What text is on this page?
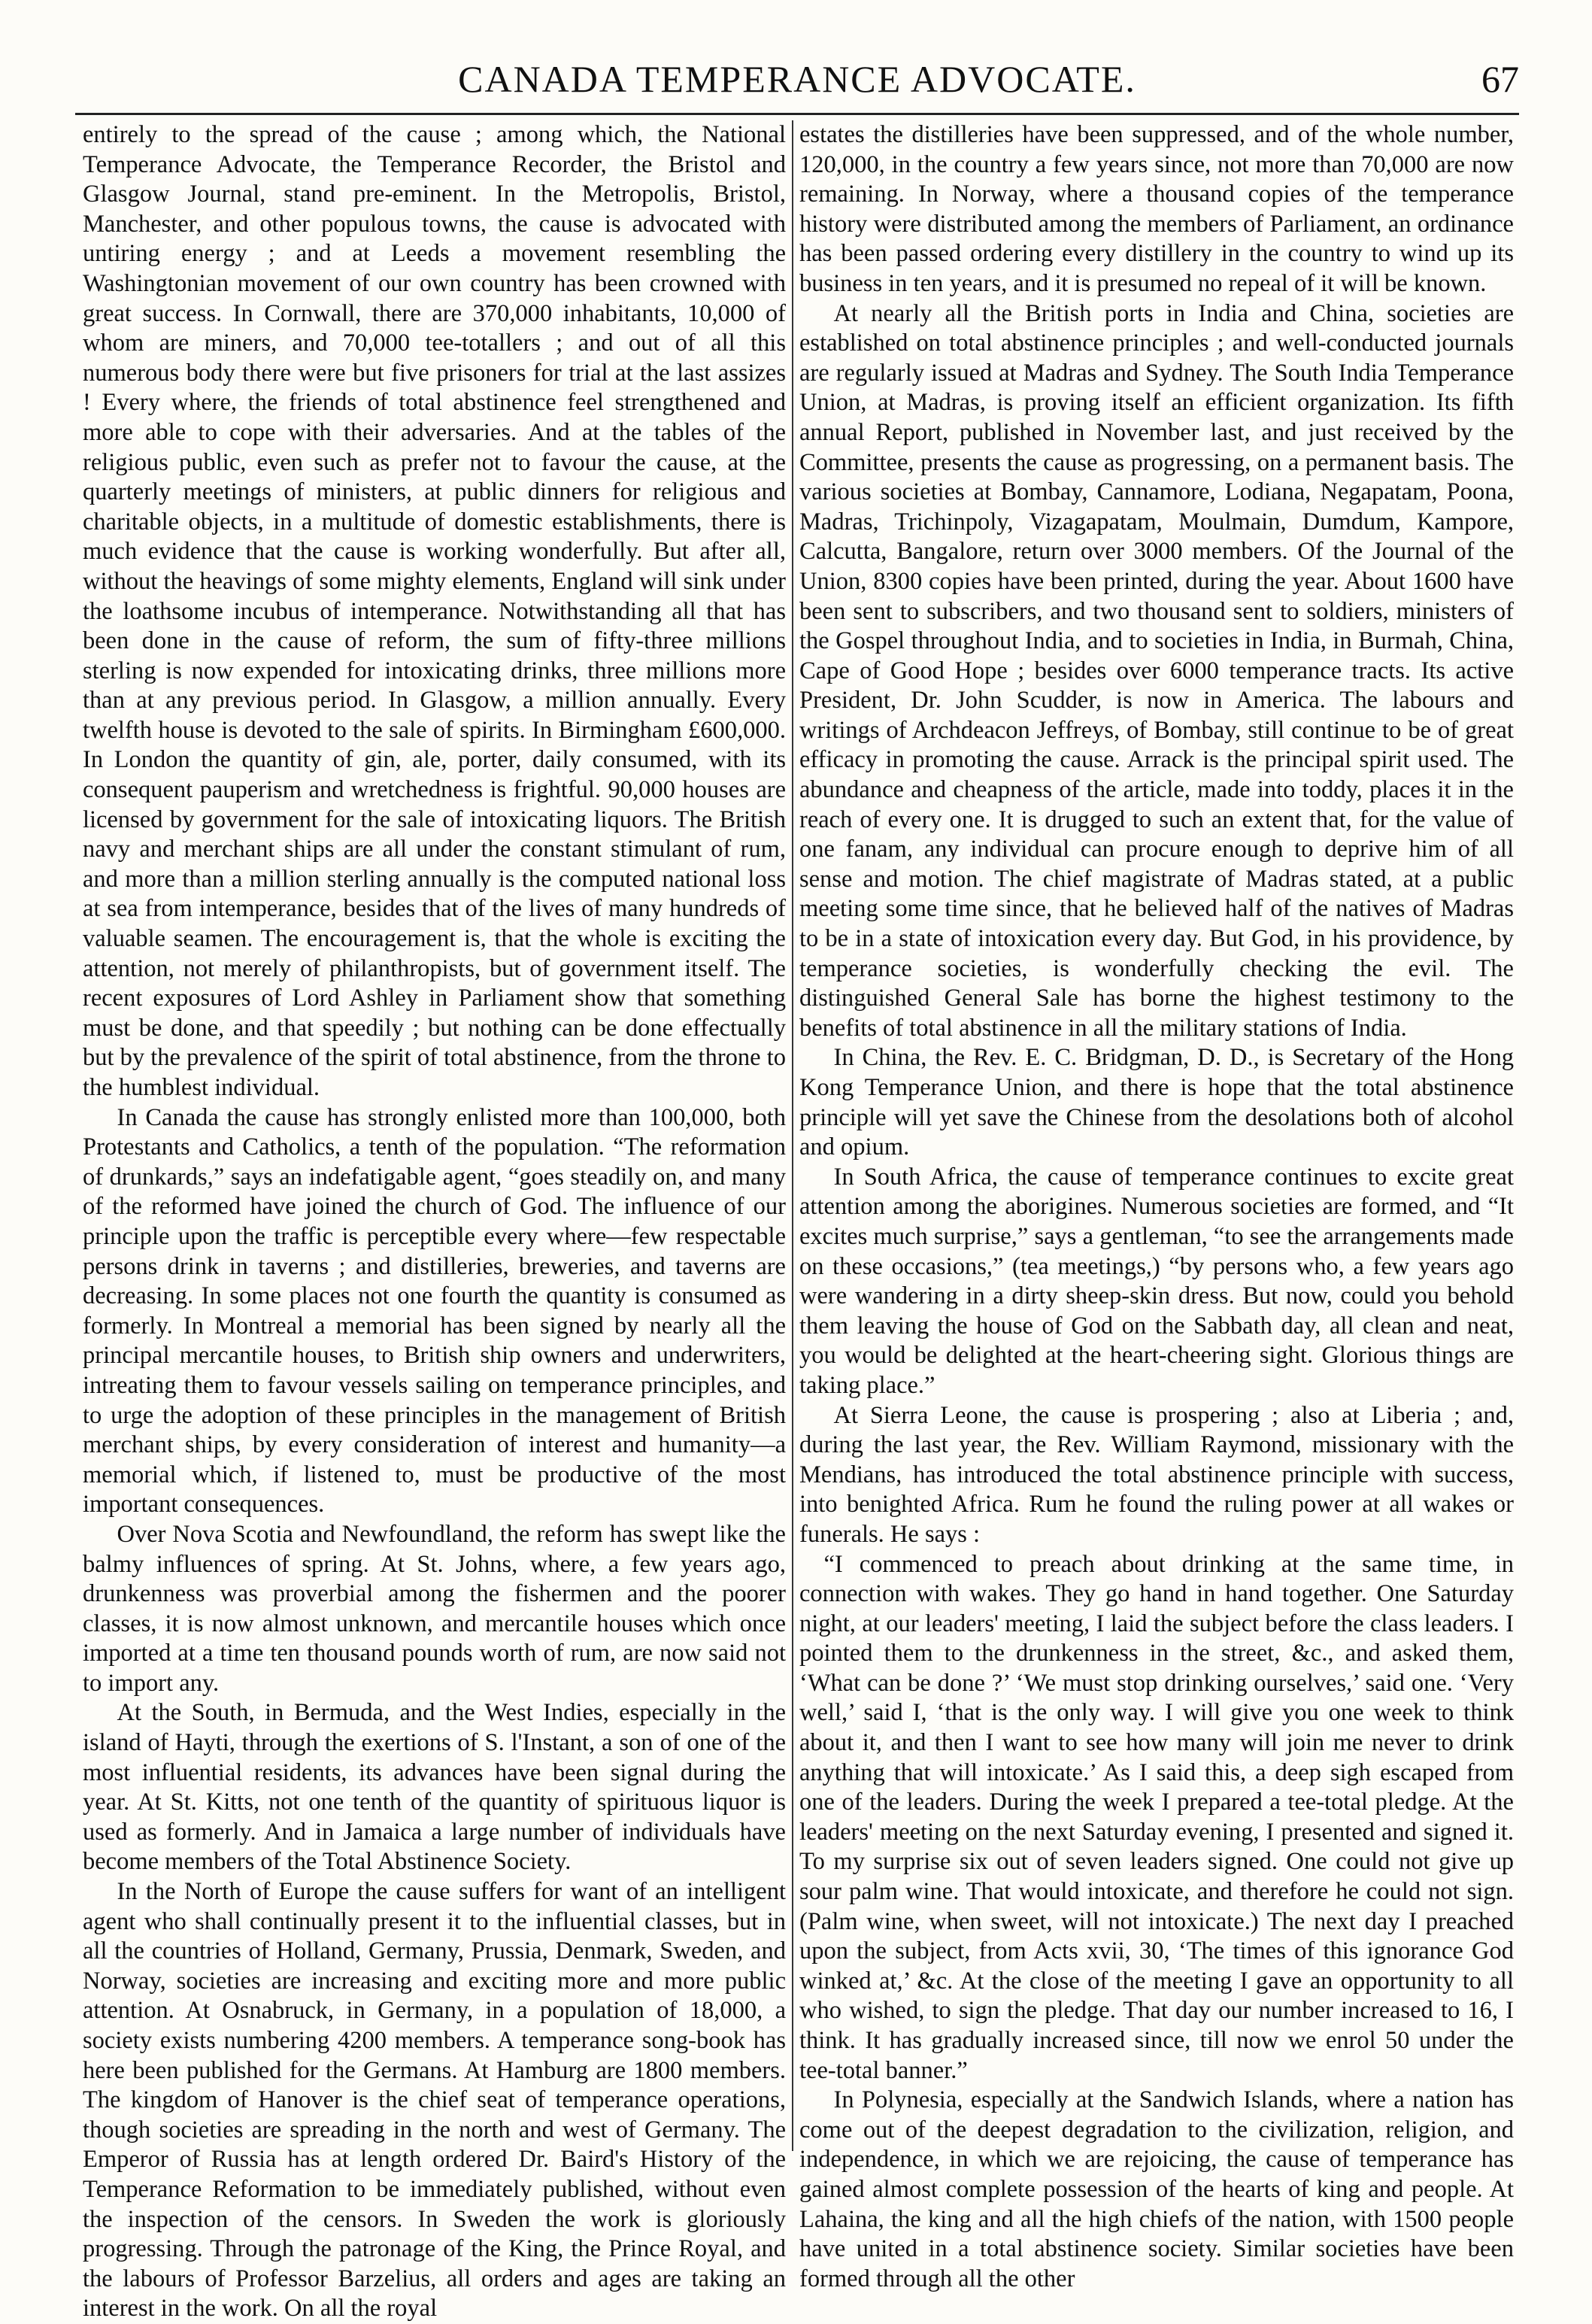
CANADA TEMPERANCE ADVOCATE.	67

entirely to the spread of the cause ; among which, the National Temperance Advocate, the Temperance Recorder, the Bristol and Glasgow Journal, stand pre-eminent. In the Metropolis, Bristol, Manchester, and other populous towns, the cause is advocated with untiring energy ; and at Leeds a movement resembling the Washingtonian movement of our own country has been crowned with great success. In Cornwall, there are 370,000 inhabitants, 10,000 of whom are miners, and 70,000 tee-totallers ; and out of all this numerous body there were but five prisoners for trial at the last assizes ! Every where, the friends of total abstinence feel strengthened and more able to cope with their adversaries. And at the tables of the religious public, even such as prefer not to favour the cause, at the quarterly meetings of ministers, at public dinners for religious and charitable objects, in a multitude of domestic establishments, there is much evidence that the cause is working wonderfully. But after all, without the heavings of some mighty elements, England will sink under the loathsome incubus of intemperance. Notwithstanding all that has been done in the cause of reform, the sum of fifty-three millions sterling is now expended for intoxicating drinks, three millions more than at any previous period. In Glasgow, a million annually. Every twelfth house is devoted to the sale of spirits. In Birmingham £600,000. In London the quantity of gin, ale, porter, daily consumed, with its consequent pauperism and wretchedness is frightful. 90,000 houses are licensed by government for the sale of intoxicating liquors. The British navy and merchant ships are all under the constant stimulant of rum, and more than a million sterling annually is the computed national loss at sea from intemperance, besides that of the lives of many hundreds of valuable seamen. The encouragement is, that the whole is exciting the attention, not merely of philanthropists, but of government itself. The recent exposures of Lord Ashley in Parliament show that something must be done, and that speedily ; but nothing can be done effectually but by the prevalence of the spirit of total abstinence, from the throne to the humblest individual.

In Canada the cause has strongly enlisted more than 100,000, both Protestants and Catholics, a tenth of the population. “The reformation of drunkards,” says an indefatigable agent, “goes steadily on, and many of the reformed have joined the church of God. The influence of our principle upon the traffic is perceptible every where—few respectable persons drink in taverns ; and distilleries, breweries, and taverns are decreasing. In some places not one fourth the quantity is consumed as formerly. In Montreal a memorial has been signed by nearly all the principal mercantile houses, to British ship owners and underwriters, intreating them to favour vessels sailing on temperance principles, and to urge the adoption of these principles in the management of British merchant ships, by every consideration of interest and humanity—a memorial which, if listened to, must be productive of the most important consequences.

Over Nova Scotia and Newfoundland, the reform has swept like the balmy influences of spring. At St. Johns, where, a few years ago, drunkenness was proverbial among the fishermen and the poorer classes, it is now almost unknown, and mercantile houses which once imported at a time ten thousand pounds worth of rum, are now said not to import any.

At the South, in Bermuda, and the West Indies, especially in the island of Hayti, through the exertions of S. l'Instant, a son of one of the most influential residents, its advances have been signal during the year. At St. Kitts, not one tenth of the quantity of spirituous liquor is used as formerly. And in Jamaica a large number of individuals have become members of the Total Abstinence Society.

In the North of Europe the cause suffers for want of an intelligent agent who shall continually present it to the influential classes, but in all the countries of Holland, Germany, Prussia, Denmark, Sweden, and Norway, societies are increasing and exciting more and more public attention. At Osnabruck, in Germany, in a population of 18,000, a society exists numbering 4200 members. A temperance song-book has here been published for the Germans. At Hamburg are 1800 members. The kingdom of Hanover is the chief seat of temperance operations, though societies are spreading in the north and west of Germany. The Emperor of Russia has at length ordered Dr. Baird's History of the Temperance Reformation to be immediately published, without even the inspection of the censors. In Sweden the work is gloriously progressing. Through the patronage of the King, the Prince Royal, and the labours of Professor Barzelius, all orders and ages are taking an interest in the work. On all the royal

estates the distilleries have been suppressed, and of the whole number, 120,000, in the country a few years since, not more than 70,000 are now remaining. In Norway, where a thousand copies of the temperance history were distributed among the members of Parliament, an ordinance has been passed ordering every distillery in the country to wind up its business in ten years, and it is presumed no repeal of it will be known.

At nearly all the British ports in India and China, societies are established on total abstinence principles ; and well-conducted journals are regularly issued at Madras and Sydney. The South India Temperance Union, at Madras, is proving itself an efficient organization. Its fifth annual Report, published in November last, and just received by the Committee, presents the cause as progressing, on a permanent basis. The various societies at Bombay, Cannamore, Lodiana, Negapatam, Poona, Madras, Trichinpoly, Vizagapatam, Moulmain, Dumdum, Kampore, Calcutta, Bangalore, return over 3000 members. Of the Journal of the Union, 8300 copies have been printed, during the year. About 1600 have been sent to subscribers, and two thousand sent to soldiers, ministers of the Gospel throughout India, and to societies in India, in Burmah, China, Cape of Good Hope ; besides over 6000 temperance tracts. Its active President, Dr. John Scudder, is now in America. The labours and writings of Archdeacon Jeffreys, of Bombay, still continue to be of great efficacy in promoting the cause. Arrack is the principal spirit used. The abundance and cheapness of the article, made into toddy, places it in the reach of every one. It is drugged to such an extent that, for the value of one fanam, any individual can procure enough to deprive him of all sense and motion. The chief magistrate of Madras stated, at a public meeting some time since, that he believed half of the natives of Madras to be in a state of intoxication every day. But God, in his providence, by temperance societies, is wonderfully checking the evil. The distinguished General Sale has borne the highest testimony to the benefits of total abstinence in all the military stations of India.

In China, the Rev. E. C. Bridgman, D. D., is Secretary of the Hong Kong Temperance Union, and there is hope that the total abstinence principle will yet save the Chinese from the desolations both of alcohol and opium.

In South Africa, the cause of temperance continues to excite great attention among the aborigines. Numerous societies are formed, and “It excites much surprise,” says a gentleman, “to see the arrangements made on these occasions,” (tea meetings,) “by persons who, a few years ago were wandering in a dirty sheep-skin dress. But now, could you behold them leaving the house of God on the Sabbath day, all clean and neat, you would be delighted at the heart-cheering sight. Glorious things are taking place.”

At Sierra Leone, the cause is prospering ; also at Liberia ; and, during the last year, the Rev. William Raymond, missionary with the Mendians, has introduced the total abstinence principle with success, into benighted Africa. Rum he found the ruling power at all wakes or funerals. He says :

“I commenced to preach about drinking at the same time, in connection with wakes. They go hand in hand together. One Saturday night, at our leaders' meeting, I laid the subject before the class leaders. I pointed them to the drunkenness in the street, &c., and asked them, ‘What can be done ?’ ‘We must stop drinking ourselves,’ said one. ‘Very well,’ said I, ‘that is the only way. I will give you one week to think about it, and then I want to see how many will join me never to drink anything that will intoxicate.’ As I said this, a deep sigh escaped from one of the leaders. During the week I prepared a tee-total pledge. At the leaders' meeting on the next Saturday evening, I presented and signed it. To my surprise six out of seven leaders signed. One could not give up sour palm wine. That would intoxicate, and therefore he could not sign. (Palm wine, when sweet, will not intoxicate.) The next day I preached upon the subject, from Acts xvii, 30, ‘The times of this ignorance God winked at,’ &c. At the close of the meeting I gave an opportunity to all who wished, to sign the pledge. That day our number increased to 16, I think. It has gradually increased since, till now we enrol 50 under the tee-total banner.”

In Polynesia, especially at the Sandwich Islands, where a nation has come out of the deepest degradation to the civilization, religion, and independence, in which we are rejoicing, the cause of temperance has gained almost complete possession of the hearts of king and people. At Lahaina, the king and all the high chiefs of the nation, with 1500 people have united in a total abstinence society. Similar societies have been formed through all the other
